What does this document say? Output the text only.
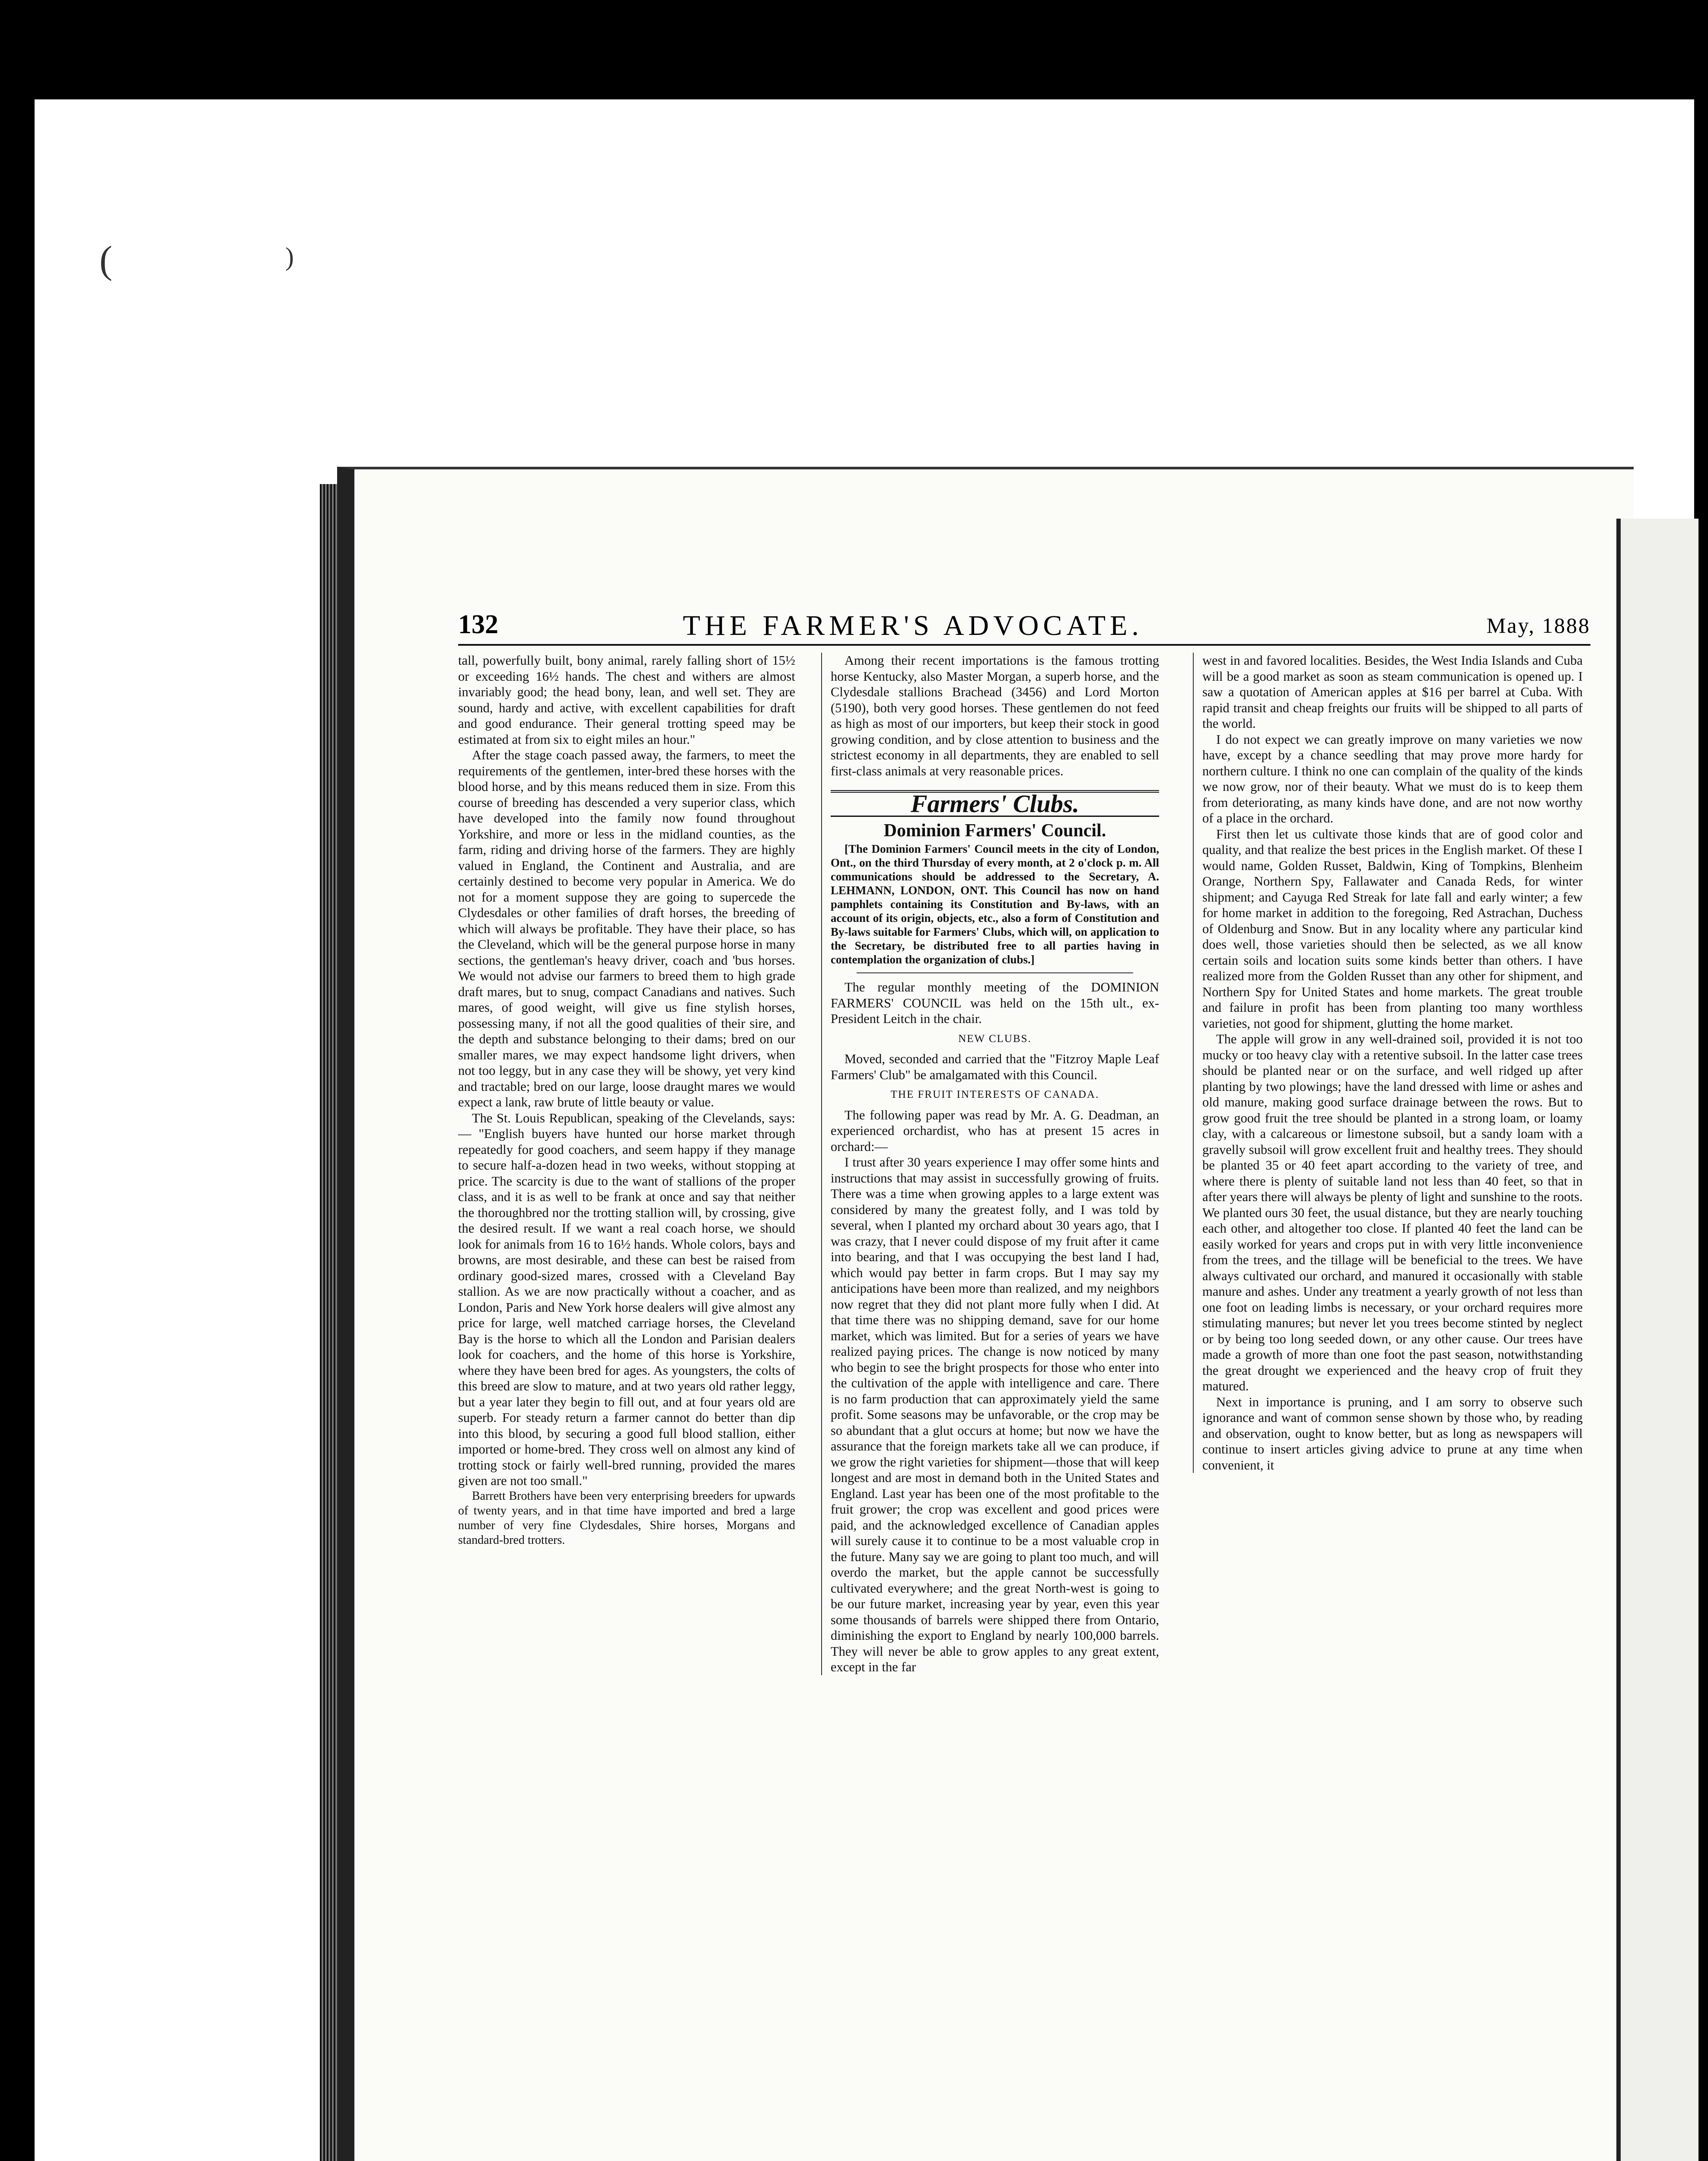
(	)
132	THE FARMER'S ADVOCATE.	May, 1888

tall, powerfully built, bony animal, rarely falling short of 15½ or exceeding 16½ hands. The chest and withers are almost invariably good; the head bony, lean, and well set. They are sound, hardy and active, with excellent capabilities for draft and good endurance. Their general trotting speed may be estimated at from six to eight miles an hour."

After the stage coach passed away, the farmers, to meet the requirements of the gentlemen, inter-bred these horses with the blood horse, and by this means reduced them in size. From this course of breeding has descended a very superior class, which have developed into the family now found throughout Yorkshire, and more or less in the midland counties, as the farm, riding and driving horse of the farmers. They are highly valued in England, the Continent and Australia, and are certainly destined to become very popular in America. We do not for a moment suppose they are going to supercede the Clydesdales or other families of draft horses, the breeding of which will always be profitable. They have their place, so has the Cleveland, which will be the general purpose horse in many sections, the gentleman's heavy driver, coach and 'bus horses. We would not advise our farmers to breed them to high grade draft mares, but to snug, compact Canadians and natives. Such mares, of good weight, will give us fine stylish horses, possessing many, if not all the good qualities of their sire, and the depth and substance belonging to their dams; bred on our smaller mares, we may expect handsome light drivers, when not too leggy, but in any case they will be showy, yet very kind and tractable; bred on our large, loose draught mares we would expect a lank, raw brute of little beauty or value.

The St. Louis Republican, speaking of the Clevelands, says: — "English buyers have hunted our horse market through repeatedly for good coachers, and seem happy if they manage to secure half-a-dozen head in two weeks, without stopping at price. The scarcity is due to the want of stallions of the proper class, and it is as well to be frank at once and say that neither the thoroughbred nor the trotting stallion will, by crossing, give the desired result. If we want a real coach horse, we should look for animals from 16 to 16½ hands. Whole colors, bays and browns, are most desirable, and these can best be raised from ordinary good-sized mares, crossed with a Cleveland Bay stallion. As we are now practically without a coacher, and as London, Paris and New York horse dealers will give almost any price for large, well matched carriage horses, the Cleveland Bay is the horse to which all the London and Parisian dealers look for coachers, and the home of this horse is Yorkshire, where they have been bred for ages. As youngsters, the colts of this breed are slow to mature, and at two years old rather leggy, but a year later they begin to fill out, and at four years old are superb. For steady return a farmer cannot do better than dip into this blood, by securing a good full blood stallion, either imported or home-bred. They cross well on almost any kind of trotting stock or fairly well-bred running, provided the mares given are not too small."

Barrett Brothers have been very enterprising breeders for upwards of twenty years, and in that time have imported and bred a large number of very fine Clydesdales, Shire horses, Morgans and standard-bred trotters.

Among their recent importations is the famous trotting horse Kentucky, also Master Morgan, a superb horse, and the Clydesdale stallions Brachead (3456) and Lord Morton (5190), both very good horses. These gentlemen do not feed as high as most of our importers, but keep their stock in good growing condition, and by close attention to business and the strictest economy in all departments, they are enabled to sell first-class animals at very reasonable prices.

Farmers' Clubs.
Dominion Farmers' Council.

[The Dominion Farmers' Council meets in the city of London, Ont., on the third Thursday of every month, at 2 o'clock p. m. All communications should be addressed to the Secretary, A. LEHMANN, LONDON, ONT. This Council has now on hand pamphlets containing its Constitution and By-laws, with an account of its origin, objects, etc., also a form of Constitution and By-laws suitable for Farmers' Clubs, which will, on application to the Secretary, be distributed free to all parties having in contemplation the organization of clubs.]

The regular monthly meeting of the DOMINION FARMERS' COUNCIL was held on the 15th ult., ex-President Leitch in the chair.

NEW CLUBS.

Moved, seconded and carried that the "Fitzroy Maple Leaf Farmers' Club" be amalgamated with this Council.

THE FRUIT INTERESTS OF CANADA.

The following paper was read by Mr. A. G. Deadman, an experienced orchardist, who has at present 15 acres in orchard:—

I trust after 30 years experience I may offer some hints and instructions that may assist in successfully growing of fruits. There was a time when growing apples to a large extent was considered by many the greatest folly, and I was told by several, when I planted my orchard about 30 years ago, that I was crazy, that I never could dispose of my fruit after it came into bearing, and that I was occupying the best land I had, which would pay better in farm crops. But I may say my anticipations have been more than realized, and my neighbors now regret that they did not plant more fully when I did. At that time there was no shipping demand, save for our home market, which was limited. But for a series of years we have realized paying prices. The change is now noticed by many who begin to see the bright prospects for those who enter into the cultivation of the apple with intelligence and care. There is no farm production that can approximately yield the same profit. Some seasons may be unfavorable, or the crop may be so abundant that a glut occurs at home; but now we have the assurance that the foreign markets take all we can produce, if we grow the right varieties for shipment—those that will keep longest and are most in demand both in the United States and England. Last year has been one of the most profitable to the fruit grower; the crop was excellent and good prices were paid, and the acknowledged excellence of Canadian apples will surely cause it to continue to be a most valuable crop in the future. Many say we are going to plant too much, and will overdo the market, but the apple cannot be successfully cultivated everywhere; and the great North-west is going to be our future market, increasing year by year, even this year some thousands of barrels were shipped there from Ontario, diminishing the export to England by nearly 100,000 barrels. They will never be able to grow apples to any great extent, except in the far

west in and favored localities. Besides, the West India Islands and Cuba will be a good market as soon as steam communication is opened up. I saw a quotation of American apples at $16 per barrel at Cuba. With rapid transit and cheap freights our fruits will be shipped to all parts of the world.

I do not expect we can greatly improve on many varieties we now have, except by a chance seedling that may prove more hardy for northern culture. I think no one can complain of the quality of the kinds we now grow, nor of their beauty. What we must do is to keep them from deteriorating, as many kinds have done, and are not now worthy of a place in the orchard.

First then let us cultivate those kinds that are of good color and quality, and that realize the best prices in the English market. Of these I would name, Golden Russet, Baldwin, King of Tompkins, Blenheim Orange, Northern Spy, Fallawater and Canada Reds, for winter shipment; and Cayuga Red Streak for late fall and early winter; a few for home market in addition to the foregoing, Red Astrachan, Duchess of Oldenburg and Snow. But in any locality where any particular kind does well, those varieties should then be selected, as we all know certain soils and location suits some kinds better than others. I have realized more from the Golden Russet than any other for shipment, and Northern Spy for United States and home markets. The great trouble and failure in profit has been from planting too many worthless varieties, not good for shipment, glutting the home market.

The apple will grow in any well-drained soil, provided it is not too mucky or too heavy clay with a retentive subsoil. In the latter case trees should be planted near or on the surface, and well ridged up after planting by two plowings; have the land dressed with lime or ashes and old manure, making good surface drainage between the rows. But to grow good fruit the tree should be planted in a strong loam, or loamy clay, with a calcareous or limestone subsoil, but a sandy loam with a gravelly subsoil will grow excellent fruit and healthy trees. They should be planted 35 or 40 feet apart according to the variety of tree, and where there is plenty of suitable land not less than 40 feet, so that in after years there will always be plenty of light and sunshine to the roots. We planted ours 30 feet, the usual distance, but they are nearly touching each other, and altogether too close. If planted 40 feet the land can be easily worked for years and crops put in with very little inconvenience from the trees, and the tillage will be beneficial to the trees. We have always cultivated our orchard, and manured it occasionally with stable manure and ashes. Under any treatment a yearly growth of not less than one foot on leading limbs is necessary, or your orchard requires more stimulating manures; but never let you trees become stinted by neglect or by being too long seeded down, or any other cause. Our trees have made a growth of more than one foot the past season, notwithstanding the great drought we experienced and the heavy crop of fruit they matured.

Next in importance is pruning, and I am sorry to observe such ignorance and want of common sense shown by those who, by reading and observation, ought to know better, but as long as newspapers will continue to insert articles giving advice to prune at any time when convenient, it
